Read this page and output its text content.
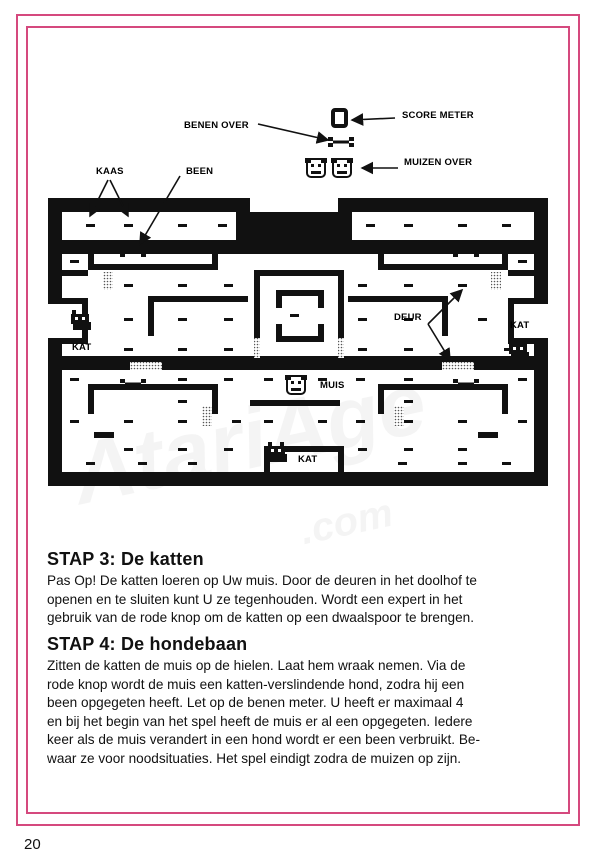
0
SCORE METER
BENEN OVER
MUIZEN OVER
KAAS	BEEN
KAT
KAT
KAT
DEUR
MUIS
STAP 3: De katten

Pas Op! De katten loeren op Uw muis. Door de deuren in het doolhof te
openen en te sluiten kunt U ze tegenhouden. Wordt een expert in het
gebruik van de rode knop om de katten op een dwaalspoor te brengen.

STAP 4: De hondebaan

Zitten de katten de muis op de hielen. Laat hem wraak nemen. Via de
rode knop wordt de muis een katten-verslindende hond, zodra hij een
been opgegeten heeft. Let op de benen meter. U heeft er maximaal 4
en bij het begin van het spel heeft de muis er al een opgegeten. Iedere
keer als de muis verandert in een hond wordt er een been verbruikt. Be-
waar ze voor noodsituaties. Het spel eindigt zodra de muizen op zijn.

20
